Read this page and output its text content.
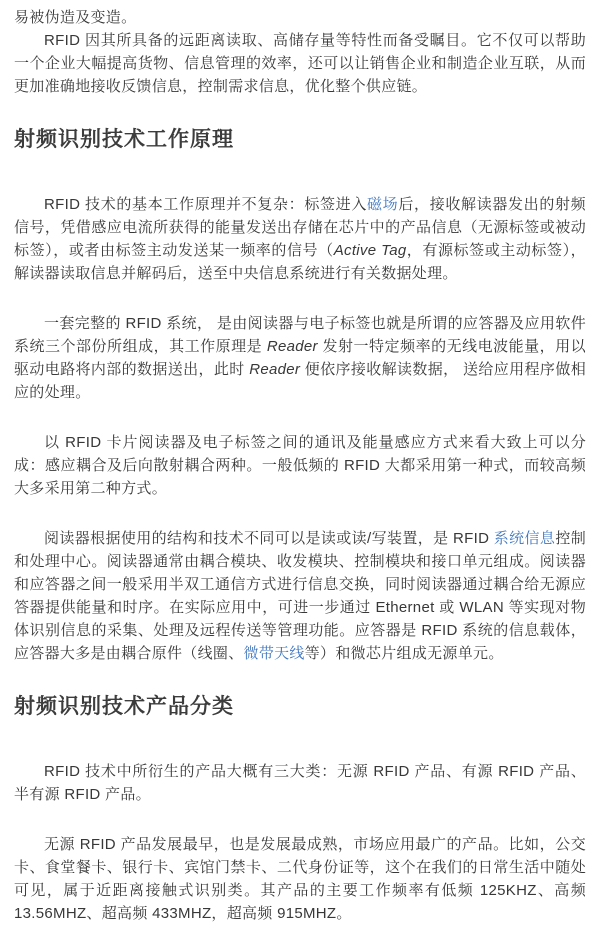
易被伪造及变造。

RFID 因其所具备的远距离读取、高储存量等特性而备受瞩目。它不仅可以帮助一个企业大幅提高货物、信息管理的效率，还可以让销售企业和制造企业互联，从而更加准确地接收反馈信息，控制需求信息，优化整个供应链。

射频识别技术工作原理

RFID 技术的基本工作原理并不复杂：标签进入磁场后，接收解读器发出的射频信号，凭借感应电流所获得的能量发送出存储在芯片中的产品信息（无源标签或被动标签），或者由标签主动发送某一频率的信号（Active Tag，有源标签或主动标签），解读器读取信息并解码后，送至中央信息系统进行有关数据处理。

一套完整的 RFID 系统， 是由阅读器与电子标签也就是所谓的应答器及应用软件系统三个部份所组成，其工作原理是 Reader 发射一特定频率的无线电波能量，用以驱动电路将内部的数据送出，此时 Reader 便依序接收解读数据， 送给应用程序做相应的处理。

以 RFID 卡片阅读器及电子标签之间的通讯及能量感应方式来看大致上可以分成：感应耦合及后向散射耦合两种。一般低频的 RFID 大都采用第一种式，而较高频大多采用第二种方式。

阅读器根据使用的结构和技术不同可以是读或读/写装置，是 RFID 系统信息控制和处理中心。阅读器通常由耦合模块、收发模块、控制模块和接口单元组成。阅读器和应答器之间一般采用半双工通信方式进行信息交换，同时阅读器通过耦合给无源应答器提供能量和时序。在实际应用中，可进一步通过 Ethernet 或 WLAN 等实现对物体识别信息的采集、处理及远程传送等管理功能。应答器是 RFID 系统的信息载体，应答器大多是由耦合原件（线圈、微带天线等）和微芯片组成无源单元。

射频识别技术产品分类

RFID 技术中所衍生的产品大概有三大类：无源 RFID 产品、有源 RFID 产品、半有源 RFID 产品。

无源 RFID 产品发展最早，也是发展最成熟，市场应用最广的产品。比如，公交卡、食堂餐卡、银行卡、宾馆门禁卡、二代身份证等，这个在我们的日常生活中随处可见，属于近距离接触式识别类。其产品的主要工作频率有低频 125KHZ、高频 13.56MHZ、超高频 433MHZ，超高频 915MHZ。
